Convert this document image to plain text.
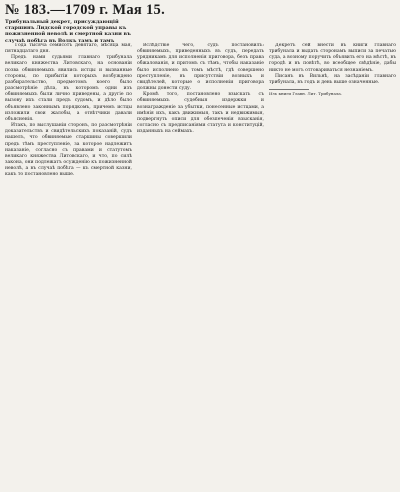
№ 183.—1709 г. Мая 15.
Трибунальный декрет, присуждающій старшинъ Лидской городской управы къ пожизненной неволѣ и смертной казни въ случаѣ побѣга въ Волкъ тамъ и тамъ

Года тысяча семисотъ девятаго, мѣсяца мая, пятнадцатаго дня.

Предъ нами судьями главнаго трибунала великаго княжества Литовскаго, на основаніи позва обвиняемыхъ явились истцы и вызванные стороны, по прибытіи которыхъ возбуждено разбирательство, предметомъ коего было разсмотрѣніе дѣла, въ которомъ одни изъ обвиняемыхъ были лично приведены, а другіе по вызову ихъ стали предъ судомъ, и дѣло было объявлено законнымъ порядкомъ, причемъ истцы изложили свои жалобы, а отвѣтчики давали объясненія.

Итакъ, по выслушаніи сторонъ, по разсмотрѣніи доказательствъ и свидѣтельскихъ показаній, судъ нашелъ, что обвиняемые старшины совершили предъ тѣмъ преступленіе, за которое надлежитъ наказаніе, согласно съ правами и статутомъ великаго княжества Литовскаго, и что, по силѣ закона, они подлежатъ осужденію къ пожизненной неволѣ, а въ случаѣ побѣга — къ смертной казни, какъ то постановлено выше.

Вслѣдствіе чего, судъ постановилъ: обвиняемыхъ, приведенныхъ въ судъ, передать урядникамъ для исполненія приговора, безъ права обжалованія, и притомъ съ тѣмъ, чтобы наказаніе было исполнено въ томъ мѣстѣ, гдѣ совершено преступленіе, въ присутствіи возныхъ и свидѣтелей, которые о исполненіи приговора должны донести суду.

Кромѣ того, постановлено взыскать съ обвиняемыхъ судебныя издержки и вознагражденіе за убытки, понесенные истцами, а имѣнія ихъ, какъ движимыя, такъ и недвижимыя, подвергнуть описи для обезпеченія взысканія, согласно съ предписаніями статута и конституцій, изданныхъ на сеймахъ.

Декретъ сей внести въ книги главнаго трибунала и выдать сторонамъ выписи за печатью суда, а возному поручить объявить его на мѣстѣ, въ городѣ и въ повѣтѣ, во всеобщее свѣдѣніе, дабы никто не могъ отговариваться незнаніемъ.

Писанъ въ Вильнѣ, на засѣданіи главнаго трибунала, въ годъ и день выше означенные.

Изъ книги Главн. Лит. Трибунала.
